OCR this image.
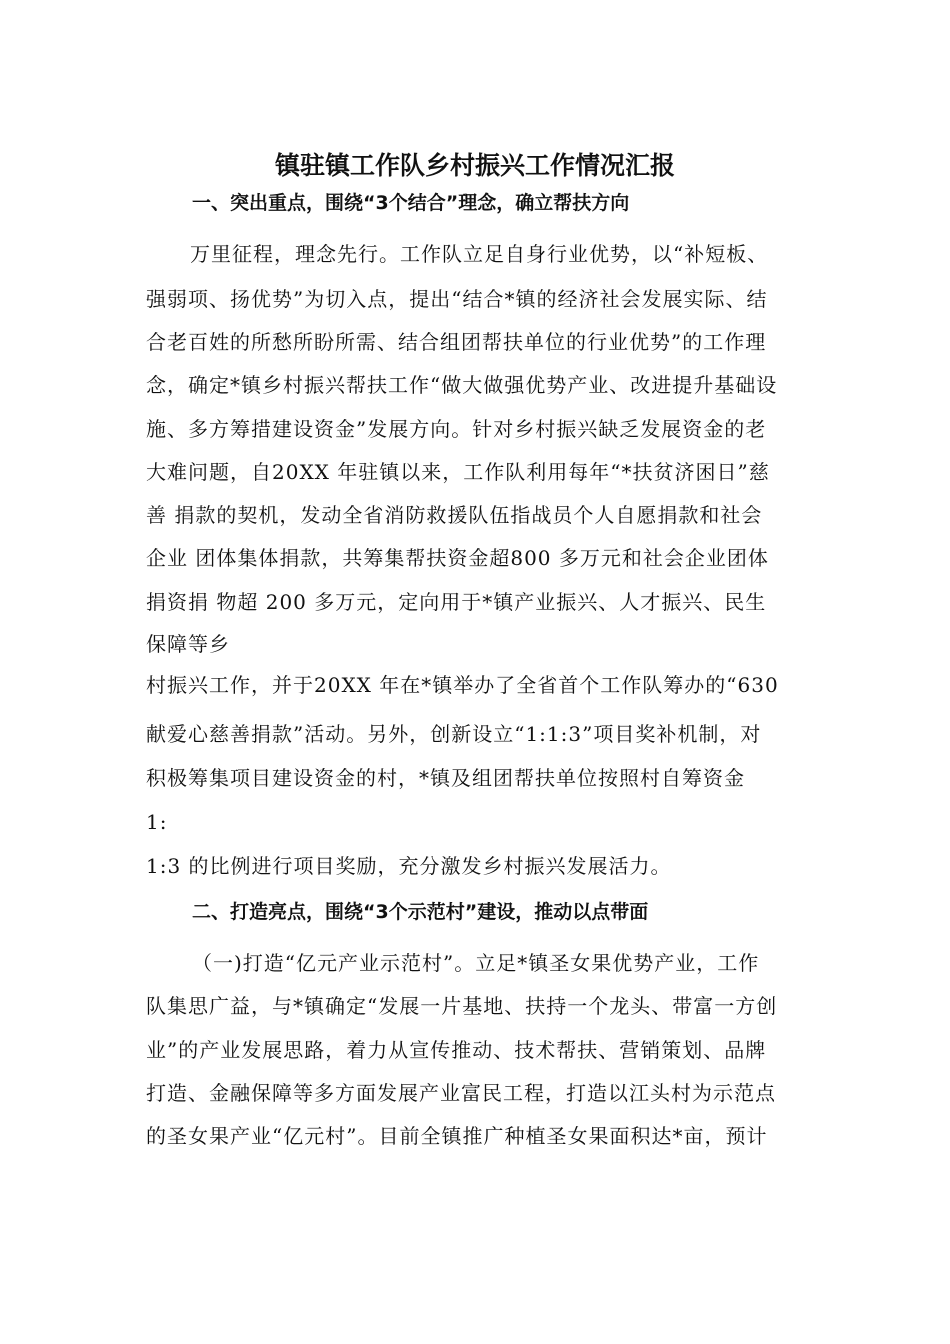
镇驻镇工作队乡村振兴工作情况汇报
一、突出重点，围绕“3个结合”理念，确立帮扶方向

万里征程，理念先行。工作队立足自身行业优势，以“补短板、

强弱项、扬优势”为切入点，提出“结合*镇的经济社会发展实际、结

合老百姓的所愁所盼所需、结合组团帮扶单位的行业优势”的工作理

念，确定*镇乡村振兴帮扶工作“做大做强优势产业、改进提升基础设

施、多方筹措建设资金”发展方向。针对乡村振兴缺乏发展资金的老

大难问题，自20XX 年驻镇以来，工作队利用每年“*扶贫济困日”慈

善 捐款的契机，发动全省消防救援队伍指战员个人自愿捐款和社会

企业 团体集体捐款，共筹集帮扶资金超800 多万元和社会企业团体

捐资捐 物超 200 多万元，定向用于*镇产业振兴、人才振兴、民生

保障等乡

村振兴工作，并于20XX 年在*镇举办了全省首个工作队筹办的“630

献爱心慈善捐款”活动。另外，创新设立“1:1:3”项目奖补机制，对

积极筹集项目建设资金的村，*镇及组团帮扶单位按照村自筹资金

1:

1:3 的比例进行项目奖励，充分激发乡村振兴发展活力。

二、打造亮点，围绕“3个示范村”建设，推动以点带面

（一)打造“亿元产业示范村”。立足*镇圣女果优势产业，工作

队集思广益，与*镇确定“发展一片基地、扶持一个龙头、带富一方创

业”的产业发展思路，着力从宣传推动、技术帮扶、营销策划、品牌

打造、金融保障等多方面发展产业富民工程，打造以江头村为示范点

的圣女果产业“亿元村”。目前全镇推广种植圣女果面积达*亩，预计
